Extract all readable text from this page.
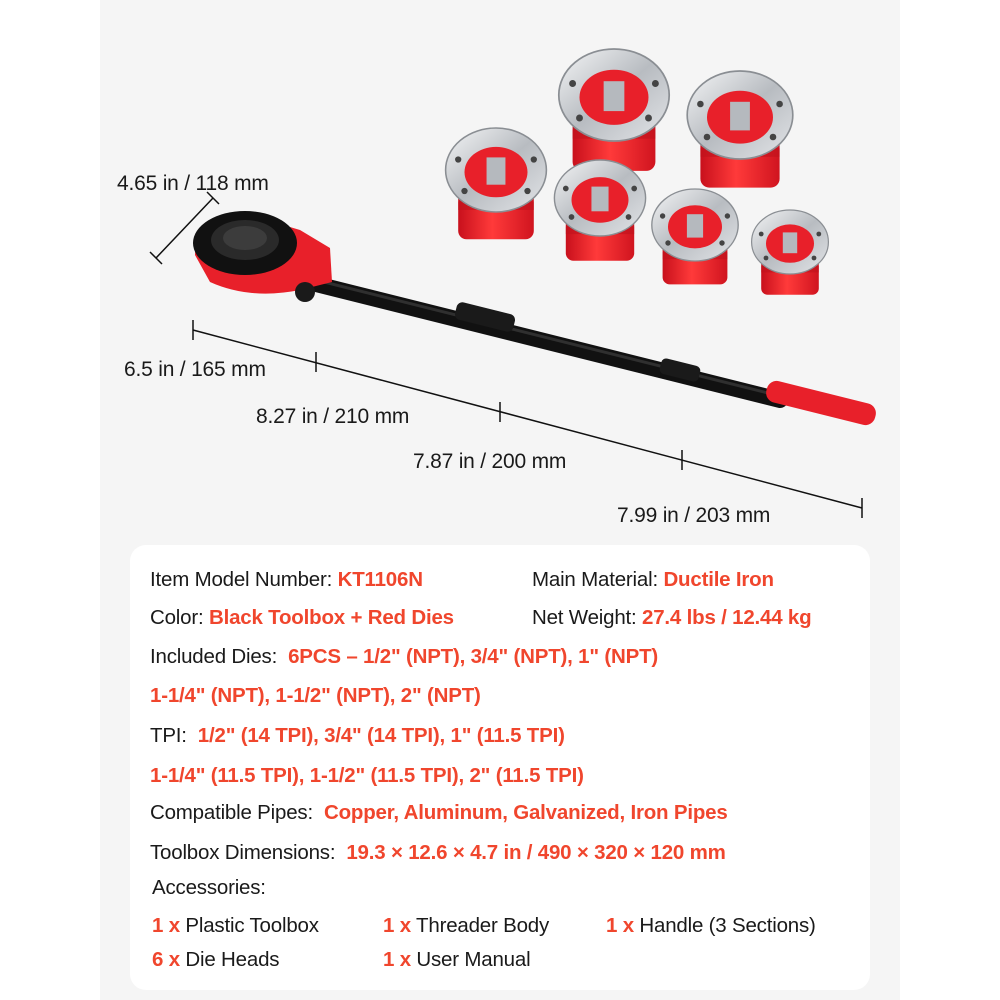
4.65 in / 118 mm
6.5 in / 165 mm
8.27 in / 210 mm
7.87 in / 200 mm
7.99 in / 203 mm
Item Model Number: KT1106N	Main Material: Ductile Iron
Color: Black Toolbox + Red Dies	Net Weight: 27.4 lbs / 12.44 kg
Included Dies: 6PCS – 1/2" (NPT), 3/4" (NPT), 1" (NPT)
1-1/4" (NPT), 1-1/2" (NPT), 2" (NPT)
TPI: 1/2" (14 TPI), 3/4" (14 TPI), 1" (11.5 TPI)
1-1/4" (11.5 TPI), 1-1/2" (11.5 TPI), 2" (11.5 TPI)
Compatible Pipes: Copper, Aluminum, Galvanized, Iron Pipes
Toolbox Dimensions: 19.3 × 12.6 × 4.7 in / 490 × 320 × 120 mm
Accessories:
1 x Plastic Toolbox	1 x Threader Body	1 x Handle (3 Sections)
6 x Die Heads	1 x User Manual
